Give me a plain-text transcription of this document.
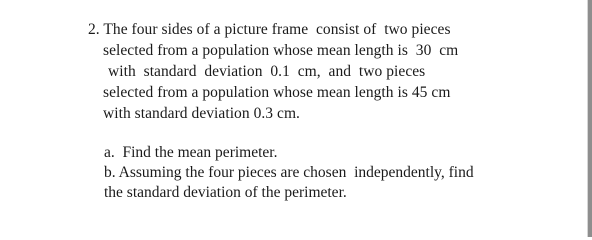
2. The four sides of a picture frame  consist of  two pieces
selected from a population whose mean length is  30  cm
with  standard  deviation  0.1  cm,  and  two pieces
selected from a population whose mean length is 45 cm
with standard deviation 0.3 cm.
a.  Find the mean perimeter.
b. Assuming the four pieces are chosen  independently, find
the standard deviation of the perimeter.
